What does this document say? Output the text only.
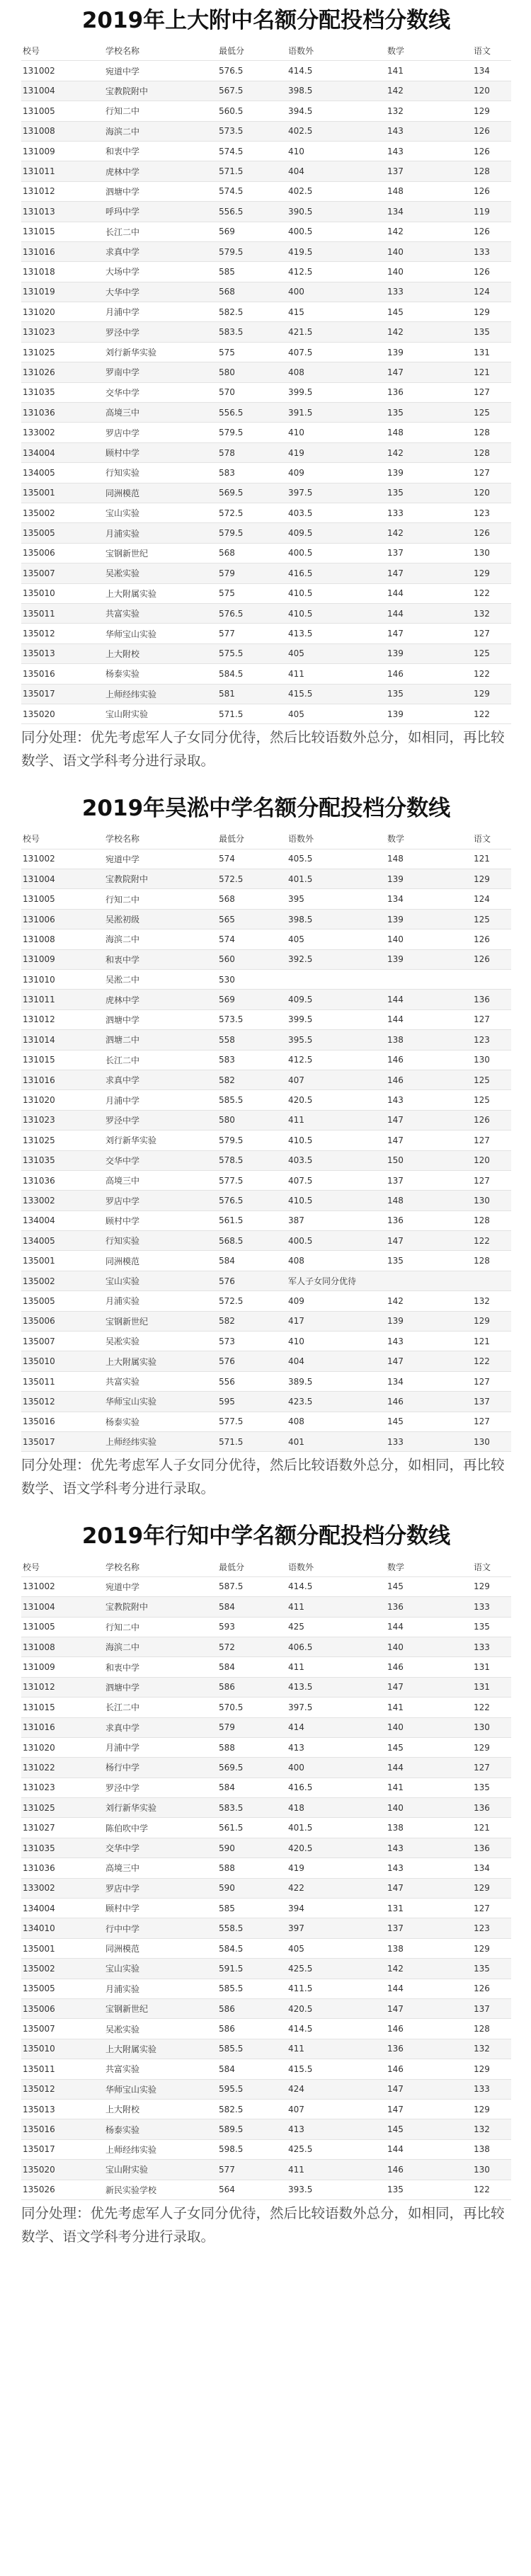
2019年上大附中名额分配投档分数线
校号	学校名称	最低分	语数外	数学	语文
131002	宛道中学	576.5	414.5	141	134
131004	宝教院附中	567.5	398.5	142	120
131005	行知二中	560.5	394.5	132	129
131008	海滨二中	573.5	402.5	143	126
131009	和衷中学	574.5	410	143	126
131011	虎林中学	571.5	404	137	128
131012	泗塘中学	574.5	402.5	148	126
131013	呼玛中学	556.5	390.5	134	119
131015	长江二中	569	400.5	142	126
131016	求真中学	579.5	419.5	140	133
131018	大场中学	585	412.5	140	126
131019	大华中学	568	400	133	124
131020	月浦中学	582.5	415	145	129
131023	罗泾中学	583.5	421.5	142	135
131025	刘行新华实验	575	407.5	139	131
131026	罗南中学	580	408	147	121
131035	交华中学	570	399.5	136	127
131036	高境三中	556.5	391.5	135	125
133002	罗店中学	579.5	410	148	128
134004	顾村中学	578	419	142	128
134005	行知实验	583	409	139	127
135001	同洲模范	569.5	397.5	135	120
135002	宝山实验	572.5	403.5	133	123
135005	月浦实验	579.5	409.5	142	126
135006	宝钢新世纪	568	400.5	137	130
135007	吴凇实验	579	416.5	147	129
135010	上大附属实验	575	410.5	144	122
135011	共富实验	576.5	410.5	144	132
135012	华师宝山实验	577	413.5	147	127
135013	上大附校	575.5	405	139	125
135016	杨泰实验	584.5	411	146	122
135017	上师经纬实验	581	415.5	135	129
135020	宝山附实验	571.5	405	139	122

同分处理：优先考虑军人子女同分优待，然后比较语数外总分，如相同，再比较数学、语文学科考分进行录取。

2019年吴淞中学名额分配投档分数线
校号	学校名称	最低分	语数外	数学	语文
131002	宛道中学	574	405.5	148	121
131004	宝教院附中	572.5	401.5	139	129
131005	行知二中	568	395	134	124
131006	吴淞初级	565	398.5	139	125
131008	海滨二中	574	405	140	126
131009	和衷中学	560	392.5	139	126
131010	吴淞二中	530			
131011	虎林中学	569	409.5	144	136
131012	泗塘中学	573.5	399.5	144	127
131014	泗塘二中	558	395.5	138	123
131015	长江二中	583	412.5	146	130
131016	求真中学	582	407	146	125
131020	月浦中学	585.5	420.5	143	125
131023	罗泾中学	580	411	147	126
131025	刘行新华实验	579.5	410.5	147	127
131035	交华中学	578.5	403.5	150	120
131036	高境三中	577.5	407.5	137	127
133002	罗店中学	576.5	410.5	148	130
134004	顾村中学	561.5	387	136	128
134005	行知实验	568.5	400.5	147	122
135001	同洲模范	584	408	135	128
135002	宝山实验	576	军人子女同分优待		
135005	月浦实验	572.5	409	142	132
135006	宝钢新世纪	582	417	139	129
135007	吴凇实验	573	410	143	121
135010	上大附属实验	576	404	147	122
135011	共富实验	556	389.5	134	127
135012	华师宝山实验	595	423.5	146	137
135016	杨泰实验	577.5	408	145	127
135017	上师经纬实验	571.5	401	133	130

同分处理：优先考虑军人子女同分优待，然后比较语数外总分，如相同，再比较数学、语文学科考分进行录取。

2019年行知中学名额分配投档分数线
校号	学校名称	最低分	语数外	数学	语文
131002	宛道中学	587.5	414.5	145	129
131004	宝教院附中	584	411	136	133
131005	行知二中	593	425	144	135
131008	海滨二中	572	406.5	140	133
131009	和衷中学	584	411	146	131
131012	泗塘中学	586	413.5	147	131
131015	长江二中	570.5	397.5	141	122
131016	求真中学	579	414	140	130
131020	月浦中学	588	413	145	129
131022	杨行中学	569.5	400	144	127
131023	罗泾中学	584	416.5	141	135
131025	刘行新华实验	583.5	418	140	136
131027	陈伯吹中学	561.5	401.5	138	121
131035	交华中学	590	420.5	143	136
131036	高境三中	588	419	143	134
133002	罗店中学	590	422	147	129
134004	顾村中学	585	394	131	127
134010	行中中学	558.5	397	137	123
135001	同洲模范	584.5	405	138	129
135002	宝山实验	591.5	425.5	142	135
135005	月浦实验	585.5	411.5	144	126
135006	宝钢新世纪	586	420.5	147	137
135007	吴凇实验	586	414.5	146	128
135010	上大附属实验	585.5	411	136	132
135011	共富实验	584	415.5	146	129
135012	华师宝山实验	595.5	424	147	133
135013	上大附校	582.5	407	147	129
135016	杨泰实验	589.5	413	145	132
135017	上师经纬实验	598.5	425.5	144	138
135020	宝山附实验	577	411	146	130
135026	新民实验学校	564	393.5	135	122

同分处理：优先考虑军人子女同分优待，然后比较语数外总分，如相同，再比较数学、语文学科考分进行录取。
